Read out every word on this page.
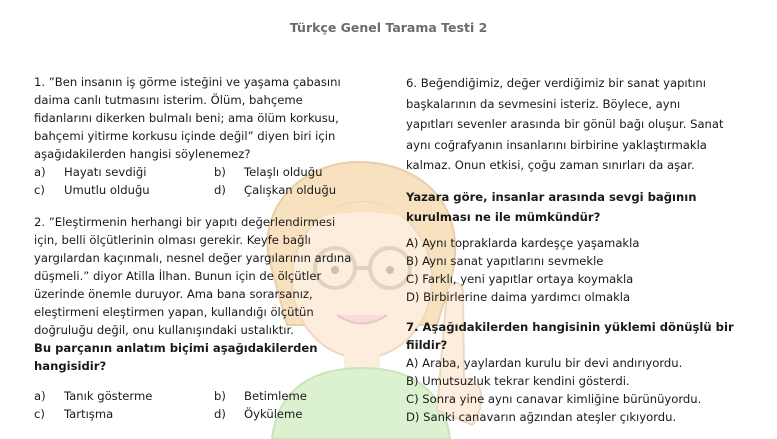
Türkçe Genel Tarama Testi 2

1. ”Ben insanın iş görme isteğini ve yaşama çabasını

daima canlı tutmasını isterim. Ölüm, bahçeme

fidanlarını dikerken bulmalı beni; ama ölüm korkusu,

bahçemi yitirme korkusu içinde değil” diyen biri için

aşağıdakilerden hangisi söylenemez?

a)	Hayatı sevdiği	b)	Telaşlı olduğu
c)	Umutlu olduğu	d)	Çalışkan olduğu

2. ”Eleştirmenin herhangi bir yapıtı değerlendirmesi

için, belli ölçütlerinin olması gerekir. Keyfe bağlı

yargılardan kaçınmalı, nesnel değer yargılarının ardına

düşmeli.” diyor Atilla İlhan. Bunun için de ölçütler

üzerinde önemle duruyor. Ama bana sorarsanız,

eleştirmeni eleştirmen yapan, kullandığı ölçütün

doğruluğu değil, onu kullanışındaki ustalıktır.

Bu parçanın anlatım biçimi aşağıdakilerden

hangisidir?

a)	Tanık gösterme	b)	Betimleme
c)	Tartışma	d)	Öyküleme

6. Beğendiğimiz, değer verdiğimiz bir sanat yapıtını

başkalarının da sevmesini isteriz. Böylece, aynı

yapıtları sevenler arasında bir gönül bağı oluşur. Sanat

aynı coğrafyanın insanlarını birbirine yaklaştırmakla

kalmaz. Onun etkisi, çoğu zaman sınırları da aşar.

Yazara göre, insanlar arasında sevgi bağının

kurulması ne ile mümkündür?

A) Aynı topraklarda kardeşçe yaşamakla
B) Aynı sanat yapıtlarını sevmekle
C) Farklı, yeni yapıtlar ortaya koymakla
D) Birbirlerine daima yardımcı olmakla

7. Aşağıdakilerden hangisinin yüklemi dönüşlü bir

fiildir?

A) Araba, yaylardan kurulu bir devi andırıyordu.
B) Umutsuzluk tekrar kendini gösterdi.
C) Sonra yine aynı canavar kimliğine bürünüyordu.
D) Sanki canavarın ağzından ateşler çıkıyordu.
